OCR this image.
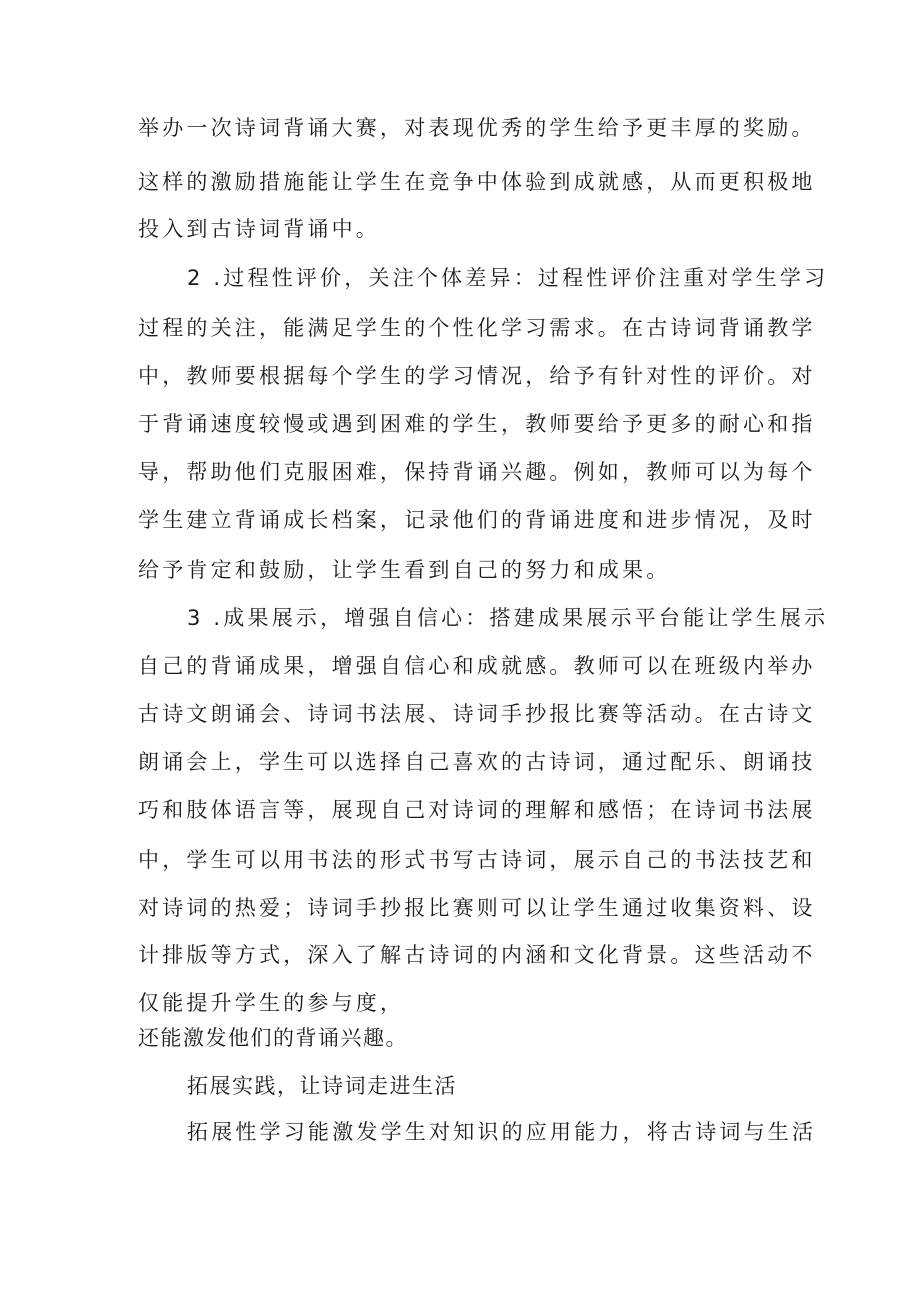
举办一次诗词背诵大赛，对表现优秀的学生给予更丰厚的奖励。
这样的激励措施能让学生在竞争中体验到成就感，从而更积极地
投入到古诗词背诵中。
2 .过程性评价，关注个体差异：过程性评价注重对学生学习
过程的关注，能满足学生的个性化学习需求。在古诗词背诵教学
中，教师要根据每个学生的学习情况，给予有针对性的评价。对
于背诵速度较慢或遇到困难的学生，教师要给予更多的耐心和指
导，帮助他们克服困难，保持背诵兴趣。例如，教师可以为每个
学生建立背诵成长档案，记录他们的背诵进度和进步情况，及时
给予肯定和鼓励，让学生看到自己的努力和成果。
3 .成果展示，增强自信心：搭建成果展示平台能让学生展示
自己的背诵成果，增强自信心和成就感。教师可以在班级内举办
古诗文朗诵会、诗词书法展、诗词手抄报比赛等活动。在古诗文
朗诵会上，学生可以选择自己喜欢的古诗词，通过配乐、朗诵技
巧和肢体语言等，展现自己对诗词的理解和感悟；在诗词书法展
中，学生可以用书法的形式书写古诗词，展示自己的书法技艺和
对诗词的热爱；诗词手抄报比赛则可以让学生通过收集资料、设
计排版等方式，深入了解古诗词的内涵和文化背景。这些活动不
仅能提升学生的参与度，
还能激发他们的背诵兴趣。
拓展实践，让诗词走进生活
拓展性学习能激发学生对知识的应用能力，将古诗词与生活
